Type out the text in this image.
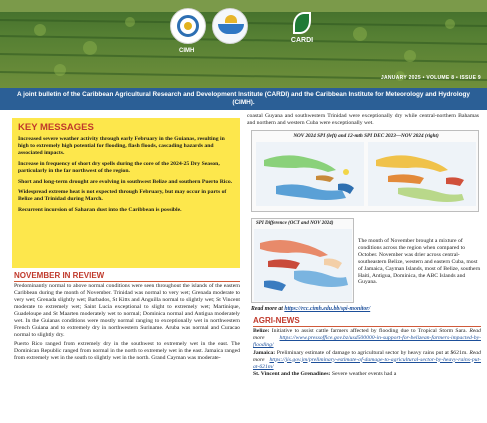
CIMH
CARDI
JANUARY 2025 • VOLUME 8 • ISSUE 9

A joint bulletin of the Caribbean Agricultural Research and Development Institute (CARDI) and the Caribbean Institute for Meteorology and Hydrology (CIMH).

KEY MESSAGES

Increased severe weather activity through early February in the Guianas, resulting in high to extremely high potential for flooding, flash floods, cascading hazards and associated impacts.

Increase in frequency of short dry spells during the core of the 2024-25 Dry Season, particularly in the far northwest of the region.

Short and long-term drought are evolving in southwest Belize and southern Puerto Rico.

Widespread extreme heat is not expected through February, but may occur in parts of Belize and Trinidad during March.

Recurrent incursion of Saharan dust into the Caribbean is possible.

NOVEMBER IN REVIEW

Predominantly normal to above normal conditions were seen throughout the islands of the eastern Caribbean during the month of November. Trinidad was normal to very wet; Grenada moderate to very wet; Grenada slightly wet; Barbados, St Kitts and Anguilla normal to slightly wet; St Vincent moderate to extremely wet; Saint Lucia exceptional to slight to extremely wet; Martinique, Guadeloupe and St Maarten moderately wet to normal; Dominica normal and Antigua moderately wet. In the Guianas conditions were mostly normal ranging to exceptionally wet in northwestern French Guiana and to extremely dry in northwestern Suriname. Aruba was normal and Curacao normal to slightly dry.

Puerto Rico ranged from extremely dry in the southwest to extremely wet in the east. The Dominican Republic ranged from normal in the north to extremely wet in the east. Jamaica ranged from extremely wet in the south to slightly wet in the north. Grand Cayman was moderate-

coastal Guyana and southwestern Trinidad were exceptionally dry while central-northern Bahamas and northern and western Cuba were exceptionally wet.
NOV 2024 SPI (left) and 12-mth SPI DEC 2023—NOV 2024 (right)
SPI Difference (OCT and NOV 2024)
The month of November brought a mixture of conditions across the region when compared to October. November was drier across central-southeastern Belize, western and eastern Cuba, most of Jamaica, Cayman Islands, most of Belize, southern Haiti, Antigua, Dominica, the ABC Islands and Guyana.
Read more at https://rcc.cimh.edu.bb/spi-monitor/
AGRI-NEWS

Belize: Initiative to assist cattle farmers affected by flooding due to Tropical Storm Sara. Read more https://www.pressoffice.gov.bz/usd500000-in-support-for-belizean-farmers-impacted-by-flooding/

Jamaica: Preliminary estimate of damage to agricultural sector by heavy rains put at $621m. Read more https://jis.gov.jm/preliminary-estimate-of-damage-to-agricultural-sector-by-heavy-rains-put-at-621m/

St. Vincent and the Grenadines: Severe weather events had a
